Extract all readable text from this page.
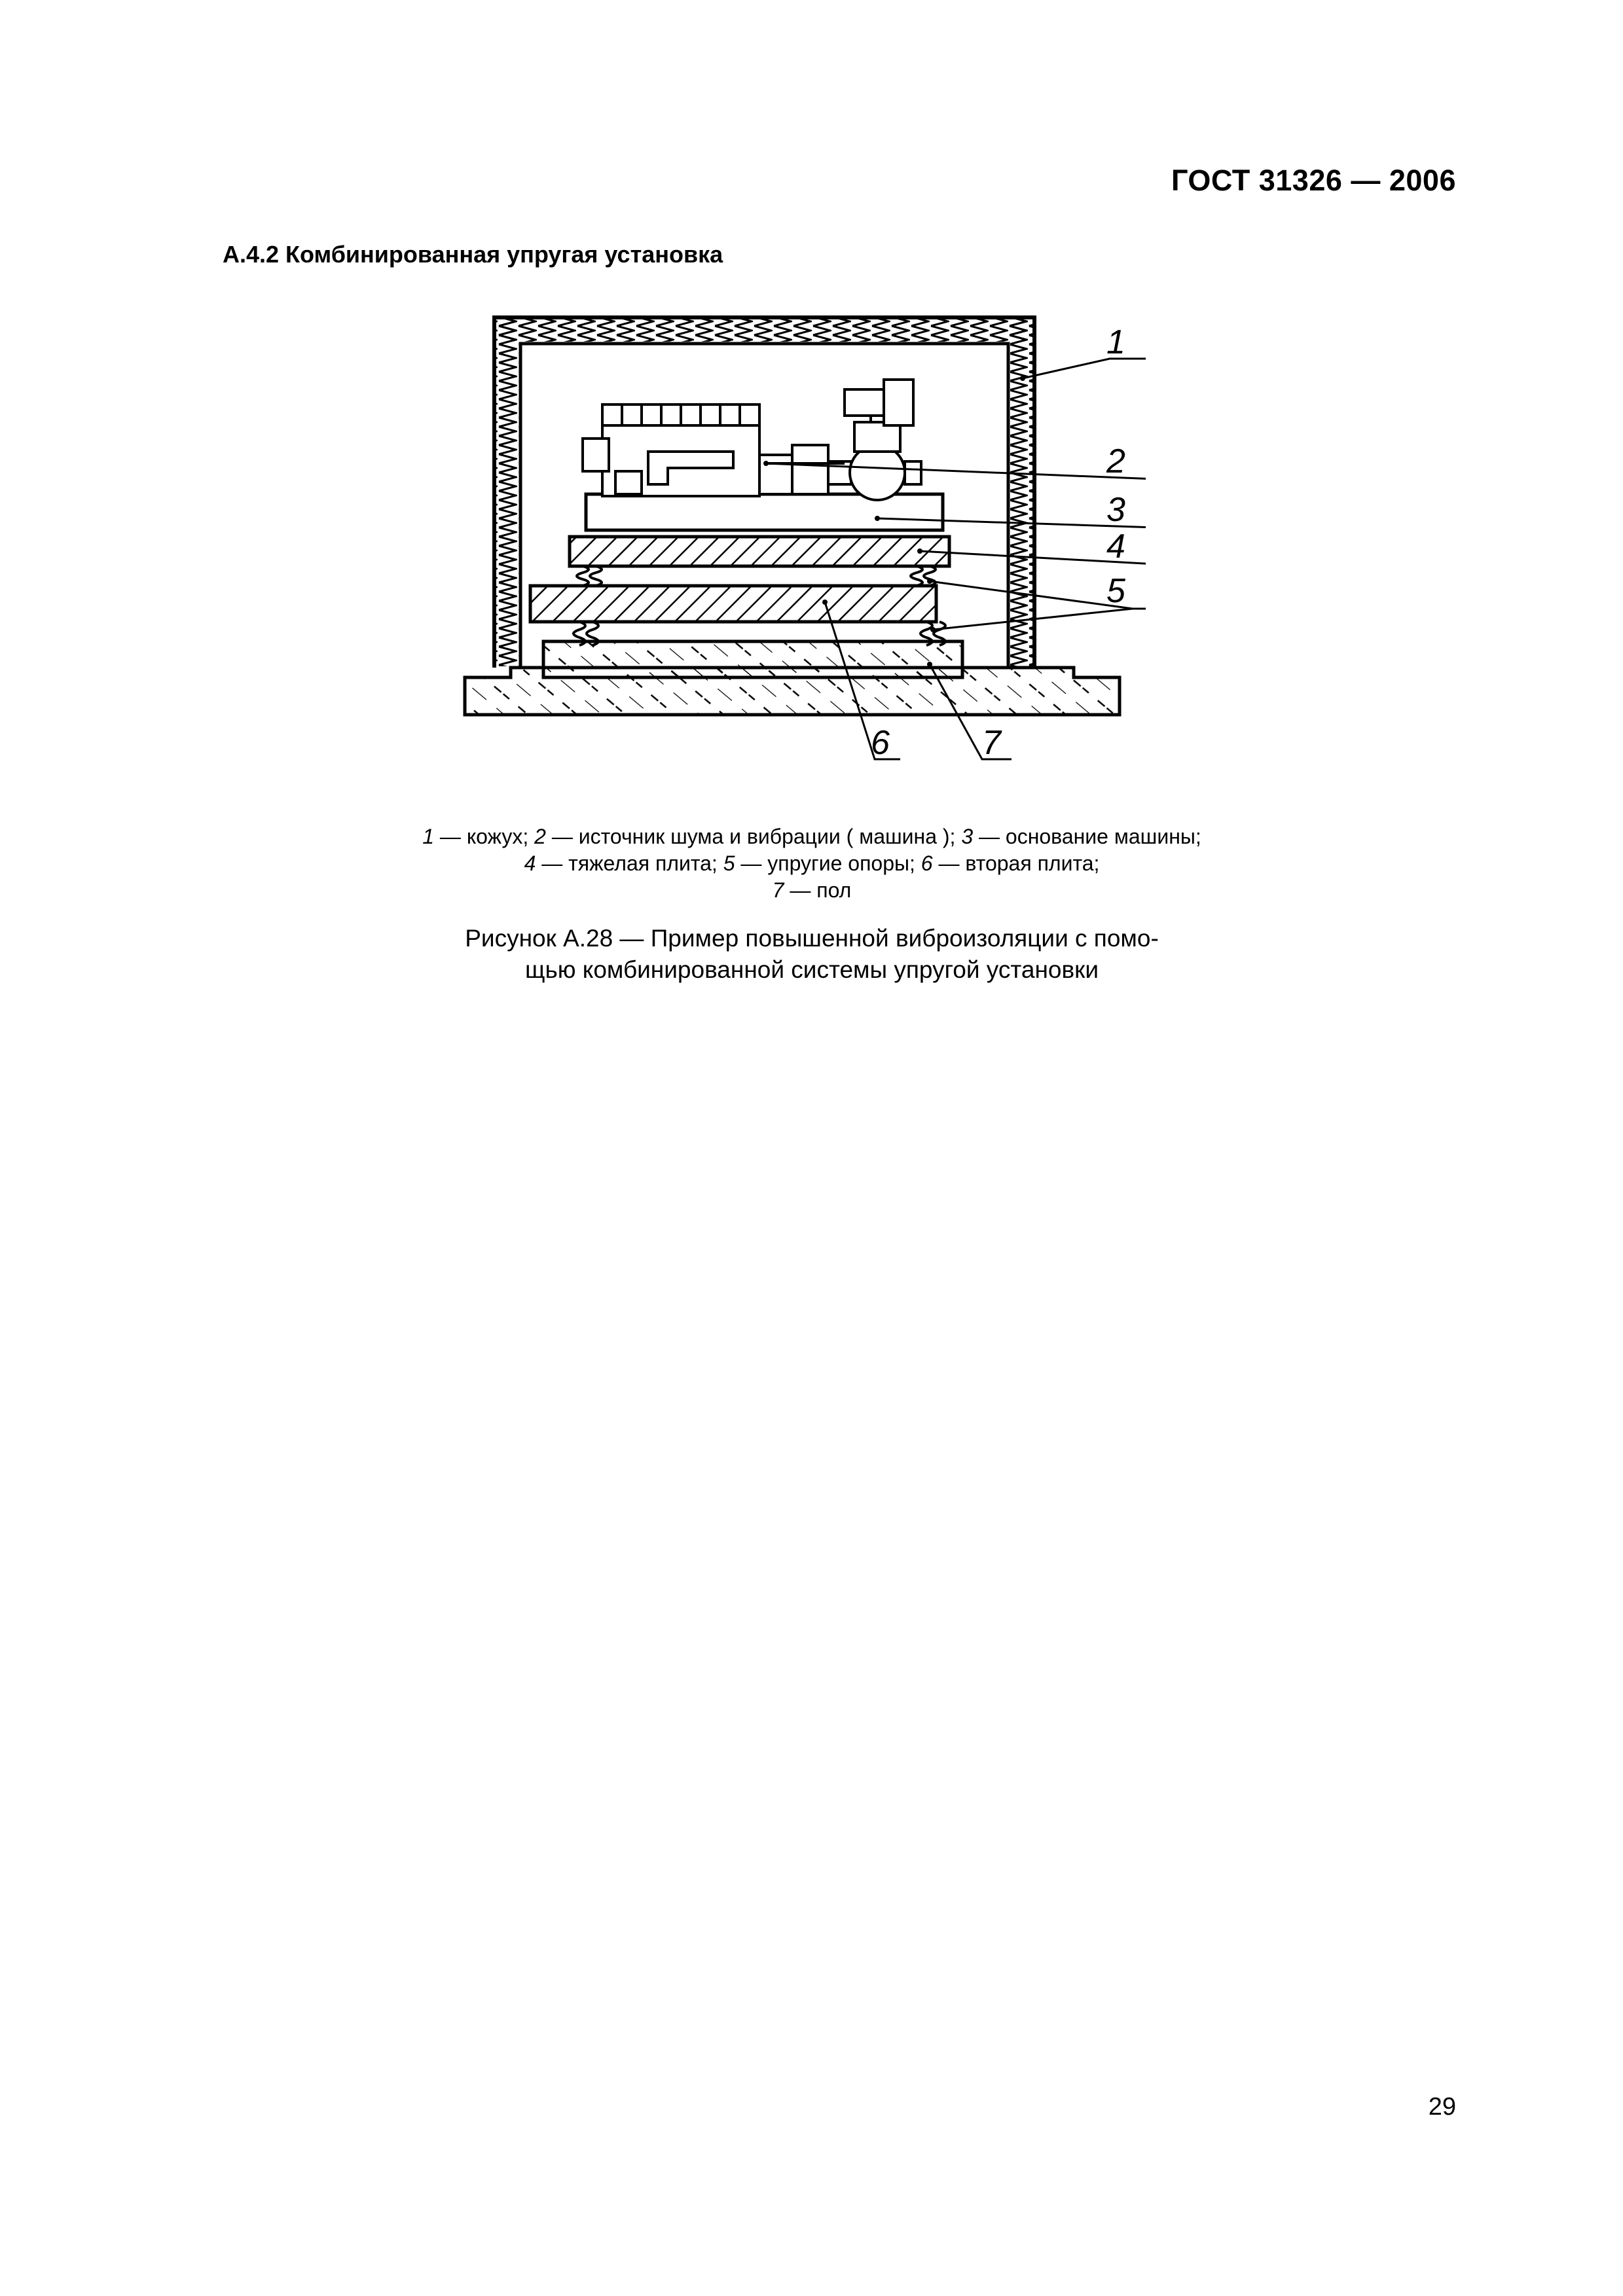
ГОСТ 31326 — 2006
А.4.2 Комбинированная упругая установка
1
2
3
4
5
6	7
1 — кожух; 2 — источник шума и вибрации ( машина ); 3 — основание машины; 4 — тяжелая плита; 5 — упругие опоры; 6 — вторая плита;
7 — пол
Рисунок А.28 — Пример повышенной виброизоляции с помо-
щью комбинированной системы упругой установки
29
